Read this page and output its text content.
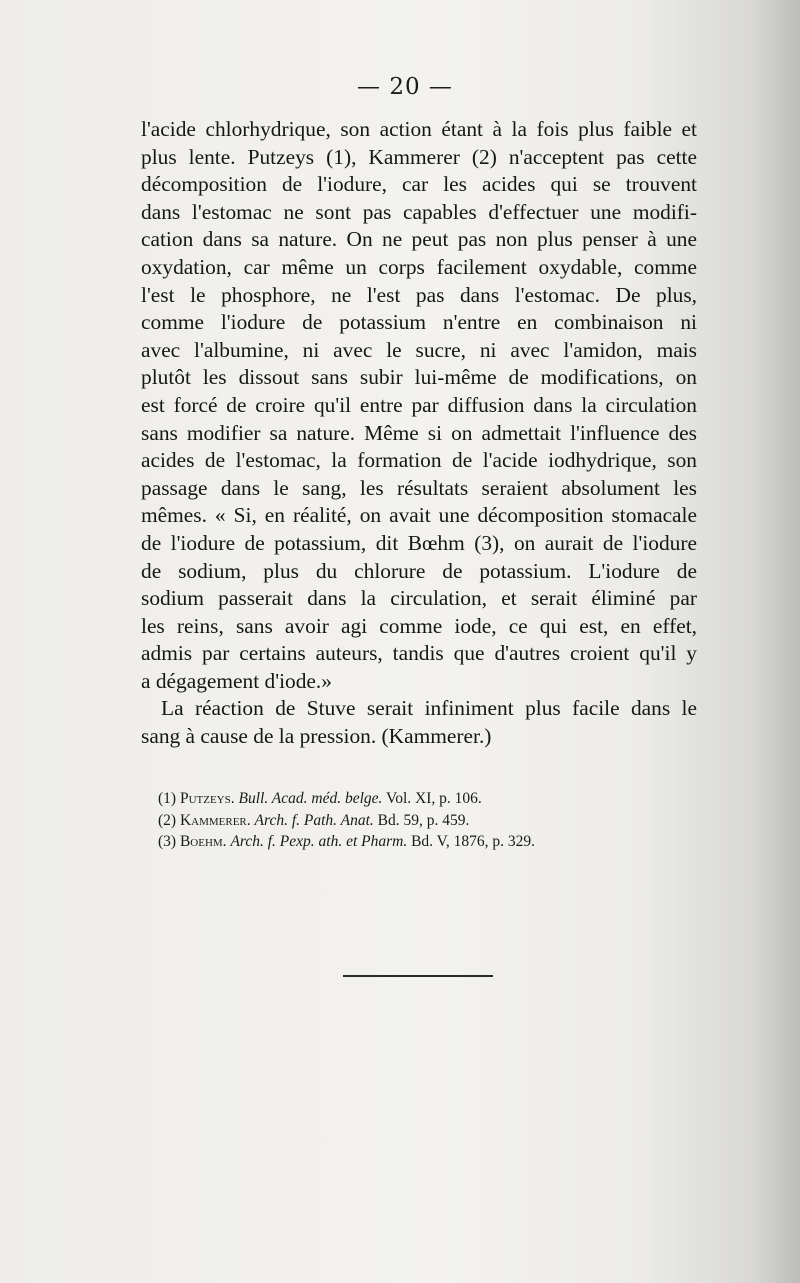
— 20 —
l'acide chlorhydrique, son action étant à la fois plus faible et
plus lente. Putzeys (1), Kammerer (2) n'acceptent pas cette
décomposition de l'iodure, car les acides qui se trouvent
dans l'estomac ne sont pas capables d'effectuer une modifi-
cation dans sa nature. On ne peut pas non plus penser à une
oxydation, car même un corps facilement oxydable, comme
l'est le phosphore, ne l'est pas dans l'estomac. De plus,
comme l'iodure de potassium n'entre en combinaison ni
avec l'albumine, ni avec le sucre, ni avec l'amidon, mais
plutôt les dissout sans subir lui-même de modifications, on
est forcé de croire qu'il entre par diffusion dans la circulation
sans modifier sa nature. Même si on admettait l'influence des
acides de l'estomac, la formation de l'acide iodhydrique, son
passage dans le sang, les résultats seraient absolument les
mêmes. « Si, en réalité, on avait une décomposition stomacale
de l'iodure de potassium, dit Bœhm (3), on aurait de l'iodure
de sodium, plus du chlorure de potassium. L'iodure de
sodium passerait dans la circulation, et serait éliminé par
les reins, sans avoir agi comme iode, ce qui est, en effet,
admis par certains auteurs, tandis que d'autres croient qu'il y
a dégagement d'iode.»
La réaction de Stuve serait infiniment plus facile dans le
sang à cause de la pression. (Kammerer.)
(1) Putzeys. Bull. Acad. méd. belge. Vol. XI, p. 106.
(2) Kammerer. Arch. f. Path. Anat. Bd. 59, p. 459.
(3) Boehm. Arch. f. Pexp. ath. et Pharm. Bd. V, 1876, p. 329.
